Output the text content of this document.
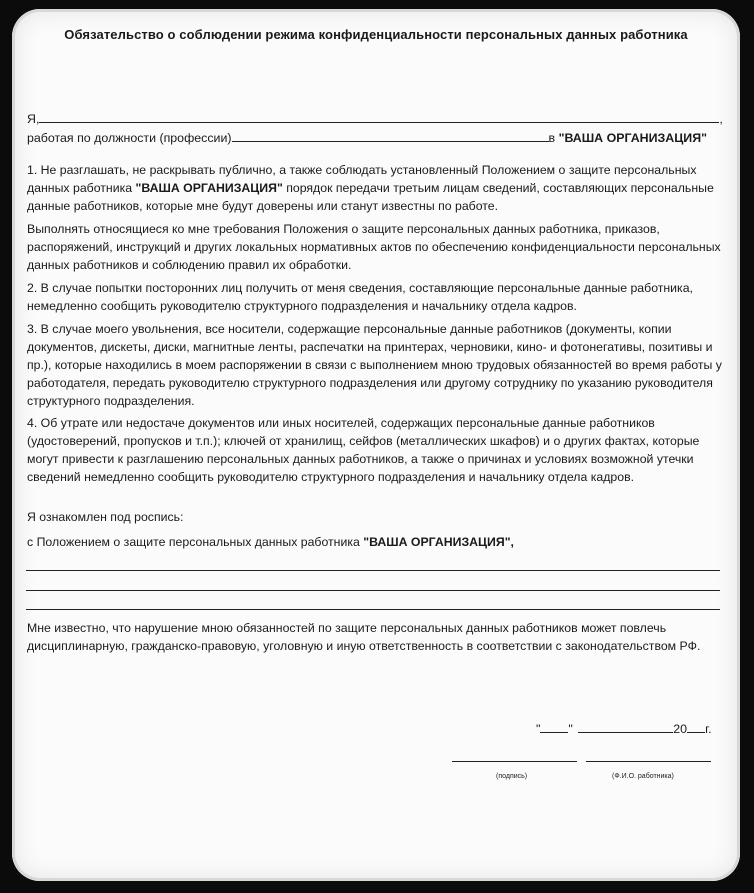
Обязательство о соблюдении режима конфиденциальности персональных данных работника
Я,	,
работая по должности (профессии)	в "ВАША ОРГАНИЗАЦИЯ"
1. Не разглашать, не раскрывать публично, а также соблюдать установленный Положением о защите персональных данных работника "ВАША ОРГАНИЗАЦИЯ" порядок передачи третьим лицам сведений, составляющих персональные данные работников, которые мне будут доверены или станут известны по работе.
Выполнять относящиеся ко мне требования Положения о защите персональных данных работника, приказов, распоряжений, инструкций и других локальных нормативных актов по обеспечению конфиденциальности персональных данных работников и соблюдению правил их обработки.
2. В случае попытки посторонних лиц получить от меня сведения, составляющие персональные данные работника, немедленно сообщить руководителю структурного подразделения и начальнику отдела кадров.
3. В случае моего увольнения, все носители, содержащие персональные данные работников (документы, копии документов, дискеты, диски, магнитные ленты, распечатки на принтерах, черновики, кино- и фотонегативы, позитивы и пр.), которые находились в моем распоряжении в связи с выполнением мною трудовых обязанностей во время работы у работодателя, передать руководителю структурного подразделения или другому сотруднику по указанию руководителя структурного подразделения.
4. Об утрате или недостаче документов или иных носителей, содержащих персональные данные работников (удостоверений, пропусков и т.п.); ключей от хранилищ, сейфов (металлических шкафов) и о других фактах, которые могут привести к разглашению персональных данных работников, а также о причинах и условиях возможной утечки сведений немедленно сообщить руководителю структурного подразделения и начальнику отдела кадров.
Я ознакомлен под роспись:
с Положением о защите персональных данных работника "ВАША ОРГАНИЗАЦИЯ",
Мне известно, что нарушение мною обязанностей по защите персональных данных работников может повлечь дисциплинарную, гражданско-правовую, уголовную и иную ответственность в соответствии с законодательством РФ.
" "	20 г.
(подпись)	(Ф.И.О. работника)
